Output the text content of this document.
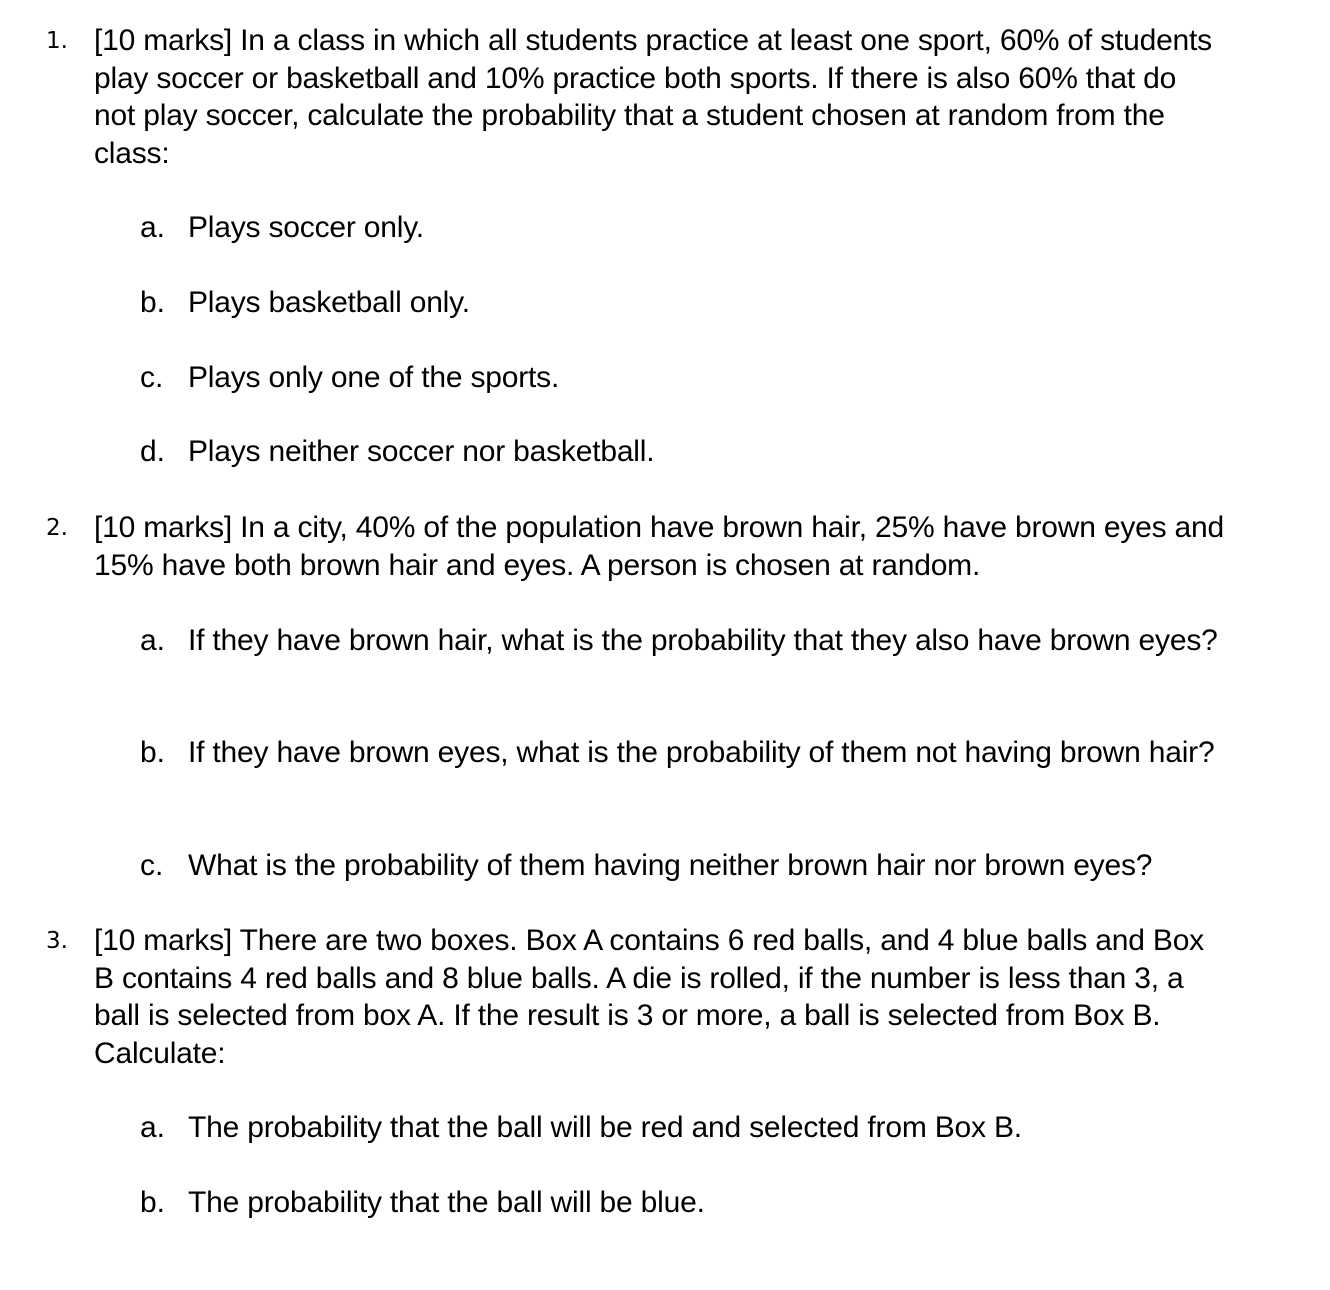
1. [10 marks] In a class in which all students practice at least one sport, 60% of students play soccer or basketball and 10% practice both sports. If there is also 60% that do not play soccer, calculate the probability that a student chosen at random from the class:
a. Plays soccer only.
b. Plays basketball only.
c. Plays only one of the sports.
d. Plays neither soccer nor basketball.
2. [10 marks] In a city, 40% of the population have brown hair, 25% have brown eyes and 15% have both brown hair and eyes. A person is chosen at random.
a. If they have brown hair, what is the probability that they also have brown eyes?
b. If they have brown eyes, what is the probability of them not having brown hair?
c. What is the probability of them having neither brown hair nor brown eyes?
3. [10 marks] There are two boxes. Box A contains 6 red balls, and 4 blue balls and Box B contains 4 red balls and 8 blue balls. A die is rolled, if the number is less than 3, a ball is selected from box A. If the result is 3 or more, a ball is selected from Box B. Calculate:
a. The probability that the ball will be red and selected from Box B.
b. The probability that the ball will be blue.
